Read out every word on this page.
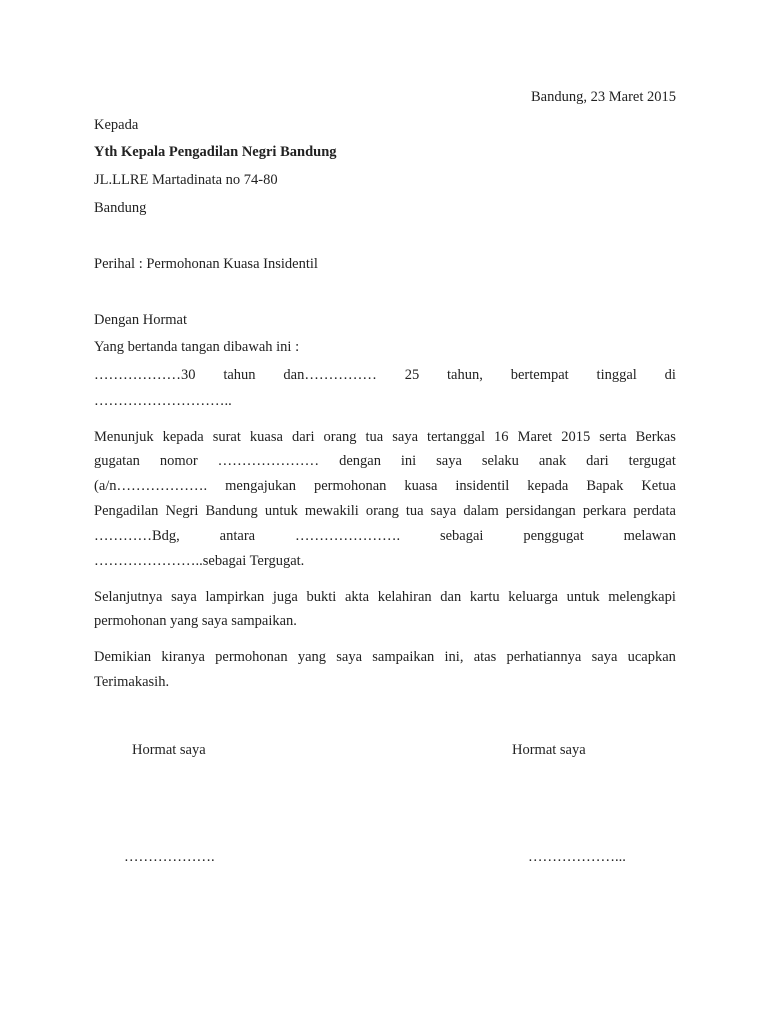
Bandung, 23 Maret 2015
Kepada
Yth Kepala Pengadilan Negri Bandung
JL.LLRE Martadinata no 74-80
Bandung
Perihal : Permohonan Kuasa Insidentil
Dengan Hormat
Yang bertanda tangan dibawah ini :
………………30 tahun dan…………… 25 tahun, bertempat tinggal di
………………………..
Menunjuk kepada surat kuasa dari orang tua saya tertanggal 16 Maret 2015 serta Berkas
gugatan nomor ………………… dengan ini saya selaku anak dari tergugat
(a/n………………. mengajukan permohonan kuasa insidentil kepada Bapak Ketua
Pengadilan Negri Bandung untuk mewakili orang tua saya dalam persidangan perkara perdata
…………Bdg,	antara	………………….	sebagai	penggugat	melawan
…………………..sebagai Tergugat.
Selanjutnya saya lampirkan juga bukti akta kelahiran dan kartu keluarga untuk melengkapi
permohonan yang saya sampaikan.
Demikian kiranya permohonan yang saya sampaikan ini, atas perhatiannya saya ucapkan
Terimakasih.
Hormat saya	Hormat saya
……………….	………………...
